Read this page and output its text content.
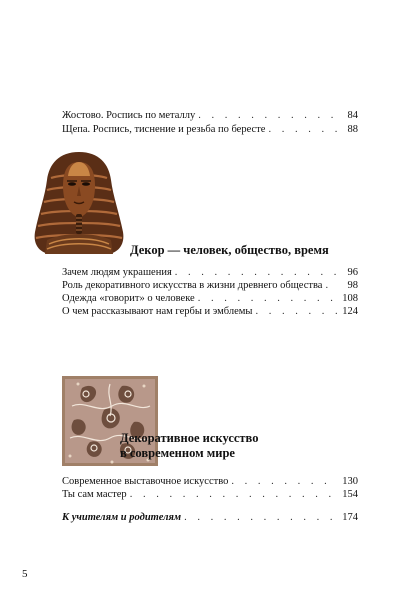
Жостово. Роспись по металлу . . .	84
Щепа. Роспись, тиснение и резьба по бересте . . .	88
Декор — человек, общество, время
Зачем людям украшения . . .	96
Роль декоративного искусства в жизни древнего общества . . .	98
Одежда «говорит» о человеке . . .	108
О чем рассказывают нам гербы и эмблемы . . .	124
Декоративное искусство
в современном мире
Современное выставочное искусство . . .	130
Ты сам мастер . . .	154
К учителям и родителям . . .	174
5
